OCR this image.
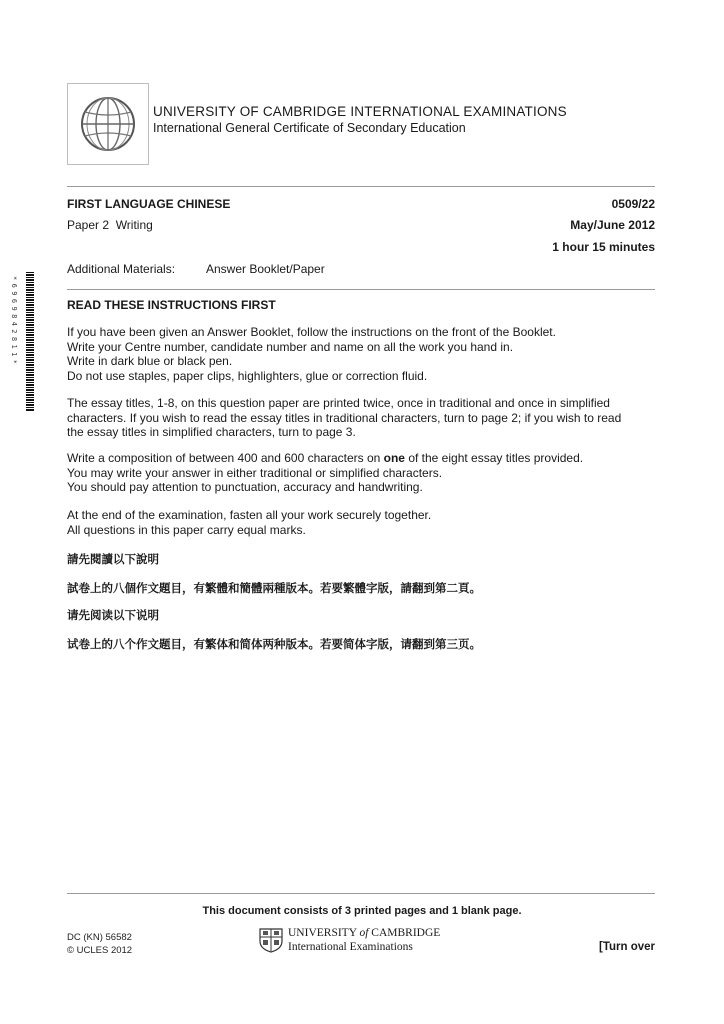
UNIVERSITY OF CAMBRIDGE INTERNATIONAL EXAMINATIONS
International General Certificate of Secondary Education
FIRST LANGUAGE CHINESE	0509/22
Paper 2  Writing	May/June 2012
1 hour 15 minutes
Additional Materials:	Answer Booklet/Paper
*6969842811*	READ THESE INSTRUCTIONS FIRST

If you have been given an Answer Booklet, follow the instructions on the front of the Booklet.

Write your Centre number, candidate number and name on all the work you hand in.

Write in dark blue or black pen.

Do not use staples, paper clips, highlighters, glue or correction fluid.

The essay titles, 1-8, on this question paper are printed twice, once in traditional and once in simplified

characters. If you wish to read the essay titles in traditional characters, turn to page 2; if you wish to read

the essay titles in simplified characters, turn to page 3.

Write a composition of between 400 and 600 characters on one of the eight essay titles provided.

You may write your answer in either traditional or simplified characters.

You should pay attention to punctuation, accuracy and handwriting.

At the end of the examination, fasten all your work securely together.

All questions in this paper carry equal marks.

請先閱讀以下說明
試卷上的八個作文題目，有繁體和簡體兩種版本。若要繁體字版，請翻到第二頁。
请先阅读以下说明
试卷上的八个作文题目，有繁体和简体两种版本。若要简体字版，请翻到第三页。
This document consists of 3 printed pages and 1 blank page.
DC (KN) 56582
© UCLES 2012
UNIVERSITY of CAMBRIDGE
International Examinations	[Turn over
